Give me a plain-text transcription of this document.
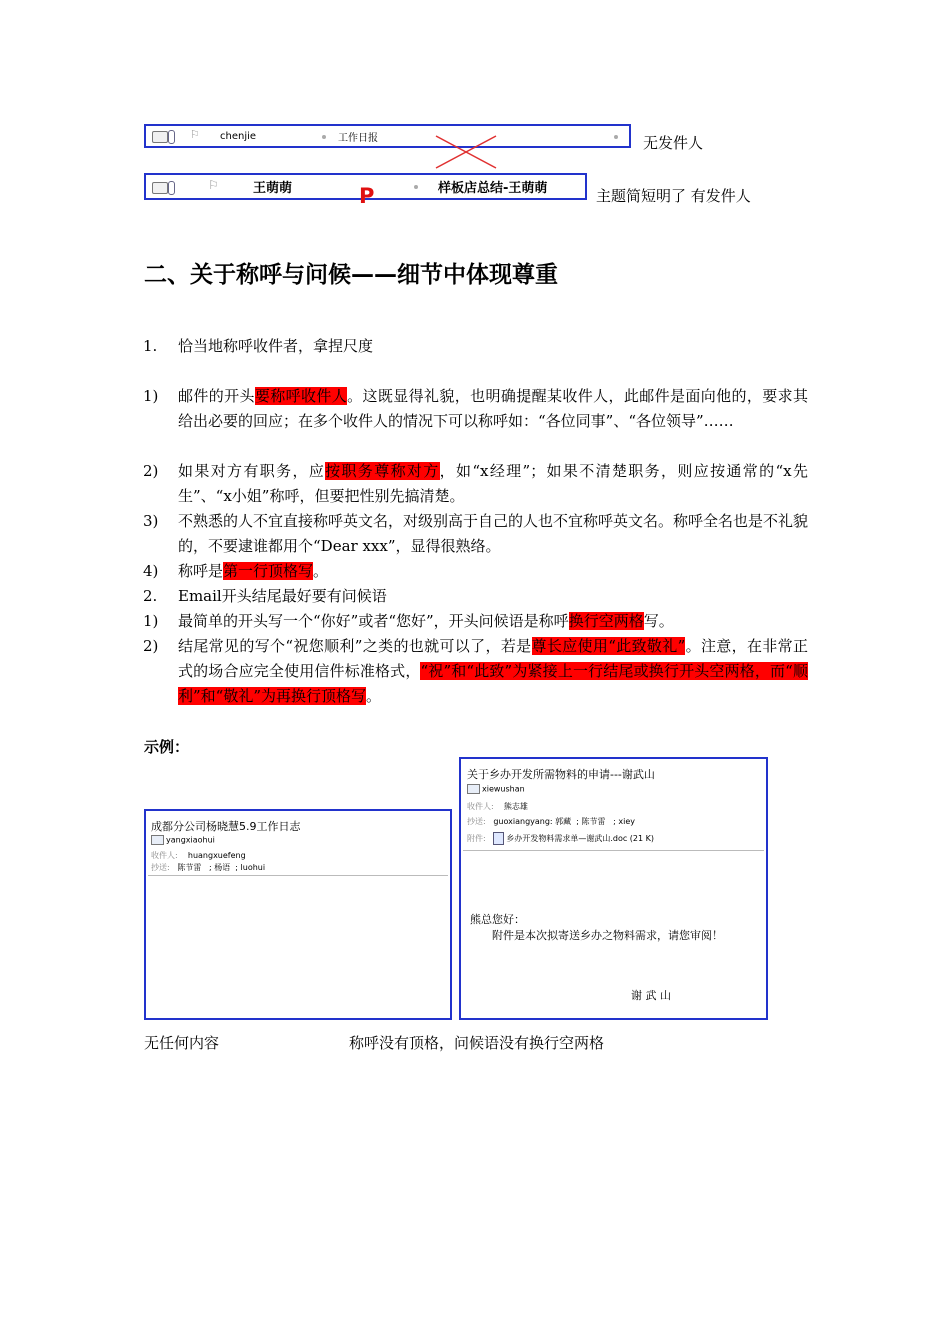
⚐ chenjie	工作日报	无发件人
⚐	王萌萌	样板店总结-王萌萌
P	主题简短明了 有发件人
二、关于称呼与问候——细节中体现尊重
1. 恰当地称呼收件者，拿捏尺度
1) 邮件的开头要称呼收件人。这既显得礼貌，也明确提醒某收件人，此邮件是面向他的，要求其给出必要的回应；在多个收件人的情况下可以称呼如：“各位同事”、“各位领导”……
2) 如果对方有职务，应按职务尊称对方，如“x经理”；如果不清楚职务，则应按通常的“x先生”、“x小姐”称呼，但要把性别先搞清楚。
3) 不熟悉的人不宜直接称呼英文名，对级别高于自己的人也不宜称呼英文名。称呼全名也是不礼貌的，不要逮谁都用个“Dear xxx”，显得很熟络。
4) 称呼是第一行顶格写。
2. Email开头结尾最好要有问候语
1) 最简单的开头写一个“你好”或者“您好”，开头问候语是称呼换行空两格写。
2) 结尾常见的写个“祝您顺利”之类的也就可以了，若是尊长应使用“此致敬礼”。注意，在非常正式的场合应完全使用信件标准格式，“祝”和“此致”为紧接上一行结尾或换行开头空两格，而“顺利”和“敬礼”为再换行顶格写。
示例：
成都分公司杨晓慧5.9工作日志
yangxiaohui
收件人: huangxuefeng
抄送: 陈节雷   ; 杨语  ; luohui
无任何内容
关于乡办开发所需物料的申请---谢武山
xiewushan
收件人: 熊志雄
抄送: guoxiangyang: 郭藏  ; 陈节雷   ; xiey
附件:	乡办开发物料需求单—谢武山.doc (21 K)
熊总您好：
附件是本次拟寄送乡办之物料需求，请您审阅！
谢 武 山
称呼没有顶格，问候语没有换行空两格
